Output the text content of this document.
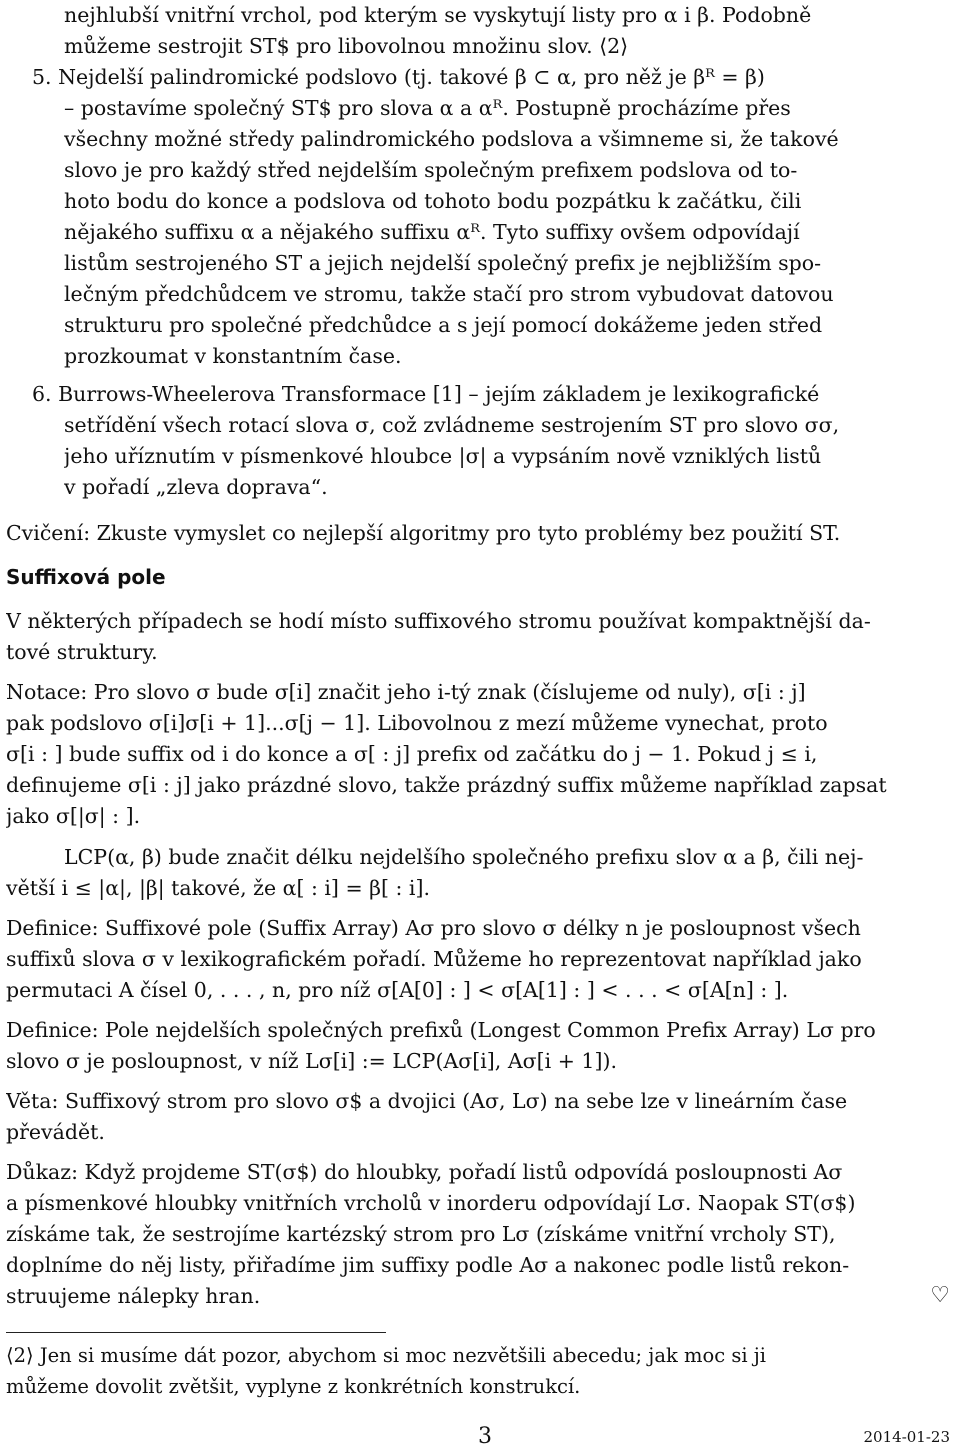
nejhlubší vnitřní vrchol, pod kterým se vyskytují listy pro α i β. Podobně
můžeme sestrojit ST$ pro libovolnou množinu slov. ⟨2⟩
5. Nejdelší palindromické podslovo (tj. takové β ⊂ α, pro něž je βᴿ = β)
– postavíme společný ST$ pro slova α a αᴿ. Postupně procházíme přes
všechny možné středy palindromického podslova a všimneme si, že takové
slovo je pro každý střed nejdelším společným prefixem podslova od to-
hoto bodu do konce a podslova od tohoto bodu pozpátku k začátku, čili
nějakého suffixu α a nějakého suffixu αᴿ. Tyto suffixy ovšem odpovídají
listům sestrojeného ST a jejich nejdelší společný prefix je nejbližším spo-
lečným předchůdcem ve stromu, takže stačí pro strom vybudovat datovou
strukturu pro společné předchůdce a s její pomocí dokážeme jeden střed
prozkoumat v konstantním čase.
6. Burrows-Wheelerova Transformace [1] – jejím základem je lexikografické
setřídění všech rotací slova σ, což zvládneme sestrojením ST pro slovo σσ,
jeho uříznutím v písmenkové hloubce |σ| a vypsáním nově vzniklých listů
v pořadí „zleva doprava“.
Cvičení: Zkuste vymyslet co nejlepší algoritmy pro tyto problémy bez použití ST.
Suffixová pole
V některých případech se hodí místo suffixového stromu používat kompaktnější da-
tové struktury.
Notace: Pro slovo σ bude σ[i] značit jeho i-tý znak (číslujeme od nuly), σ[i : j]
pak podslovo σ[i]σ[i + 1]...σ[j − 1]. Libovolnou z mezí můžeme vynechat, proto
σ[i : ] bude suffix od i do konce a σ[ : j] prefix od začátku do j − 1. Pokud j ≤ i,
definujeme σ[i : j] jako prázdné slovo, takže prázdný suffix můžeme například zapsat
jako σ[|σ| : ].
LCP(α, β) bude značit délku nejdelšího společného prefixu slov α a β, čili nej-
větší i ≤ |α|, |β| takové, že α[ : i] = β[ : i].
Definice: Suffixové pole (Suffix Array) Aσ pro slovo σ délky n je posloupnost všech
suffixů slova σ v lexikografickém pořadí. Můžeme ho reprezentovat například jako
permutaci A čísel 0, . . . , n, pro níž σ[A[0] : ] < σ[A[1] : ] < . . . < σ[A[n] : ].
Definice: Pole nejdelších společných prefixů (Longest Common Prefix Array) Lσ pro
slovo σ je posloupnost, v níž Lσ[i] := LCP(Aσ[i], Aσ[i + 1]).
Věta: Suffixový strom pro slovo σ$ a dvojici (Aσ, Lσ) na sebe lze v lineárním čase
převádět.
Důkaz: Když projdeme ST(σ$) do hloubky, pořadí listů odpovídá posloupnosti Aσ
a písmenkové hloubky vnitřních vrcholů v inorderu odpovídají Lσ. Naopak ST(σ$)
získáme tak, že sestrojíme kartézský strom pro Lσ (získáme vnitřní vrcholy ST),
doplníme do něj listy, přiřadíme jim suffixy podle Aσ a nakonec podle listů rekon-
struujeme nálepky hran.	♡
⟨2⟩ Jen si musíme dát pozor, abychom si moc nezvětšili abecedu; jak moc si ji
můžeme dovolit zvětšit, vyplyne z konkrétních konstrukcí.
3	2014-01-23
